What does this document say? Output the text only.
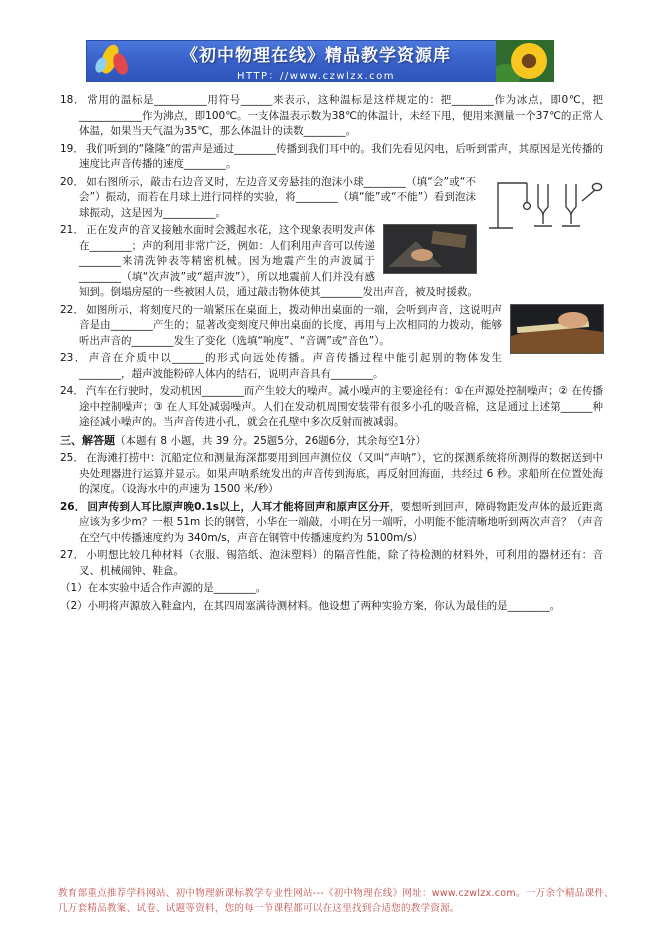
《初中物理在线》精品教学资源库
HTTP：//www.czwlzx.com

18． 常用的温标是__________用符号______来表示，这种温标是这样规定的：把________作为冰点，即0℃，把____________作为沸点，即100℃。一支体温表示数为38℃的体温计，未经下甩，便用来测量一个37℃的正常人体温，如果当天气温为35℃，那么体温计的读数________。

19． 我们听到的“隆隆”的雷声是通过________传播到我们耳中的。我们先看见闪电，后听到雷声，其原因是光传播的速度比声音传播的速度________。

20． 如右图所示，敲击右边音叉时，左边音叉旁悬挂的泡沫小球________（填“会”或“不会”）振动，而若在月球上进行同样的实验，将________（填“能”或“不能”）看到泡沫球振动，这是因为__________。

21． 正在发声的音叉接触水面时会溅起水花，这个现象表明发声体在________；声的利用非常广泛，例如：人们利用声音可以传递________来清洗钟表等精密机械。因为地震产生的声波属于________（填“次声波”或“超声波”），所以地震前人们并没有感知到。倒塌房屋的一些被困人员，通过敲击物体使其________发出声音，被及时援救。

22． 如图所示，将刻度尺的一端紧压在桌面上，拨动伸出桌面的一端，会听到声音，这说明声音是由________产生的；显著改变刻度尺伸出桌面的长度，再用与上次相同的力拨动，能够听出声音的________发生了变化（选填“响度”、“音调”或“音色”）。

23． 声音在介质中以______的形式向远处传播。声音传播过程中能引起别的物体发生________，超声波能粉碎人体内的结石，说明声音具有________。

24． 汽车在行驶时，发动机因________而产生较大的噪声。减小噪声的主要途径有：①在声源处控制噪声；② 在传播途中控制噪声；③ 在人耳处减弱噪声。人们在发动机周围安装带有很多小孔的吸音棉，这是通过上述第______种途径减小噪声的。当声音传进小孔，就会在孔壁中多次反射而被减弱。

三、解答题（本题有 8 小题，共 39 分。25题5分，26题6分，其余每空1分）

25． 在海滩打捞中：沉船定位和测量海深都要用到回声测位仪（又叫“声呐”），它的探测系统将所测得的数据送到中央处理器进行运算并显示。如果声呐系统发出的声音传到海底，再反射回海面，共经过 6 秒。求船所在位置处海的深度。（设海水中的声速为 1500 米/秒）

26． 回声传到人耳比原声晚0.1s以上，人耳才能将回声和原声区分开，要想听到回声，障碍物距发声体的最近距离应该为多少m？一根 51m 长的钢管，小华在一端敲，小明在另一端听，小明能不能清晰地听到两次声音？（声音在空气中传播速度约为 340m/s，声音在钢管中传播速度约为 5100m/s）

27． 小明想比较几种材料（衣服、锡箔纸、泡沫塑料）的隔音性能，除了待检测的材料外，可利用的器材还有：音叉、机械闹钟、鞋盒。

（1）在本实验中适合作声源的是________。

（2）小明将声源放入鞋盒内，在其四周塞满待测材料。他设想了两种实验方案，你认为最佳的是________。

教育部重点推荐学科网站、初中物理新课标教学专业性网站---《初中物理在线》网址：www.czwlzx.com。一万余个精品课件、
几万套精品教案、试卷、试题等资料，您的每一节课程都可以在这里找到合适您的教学资源。
